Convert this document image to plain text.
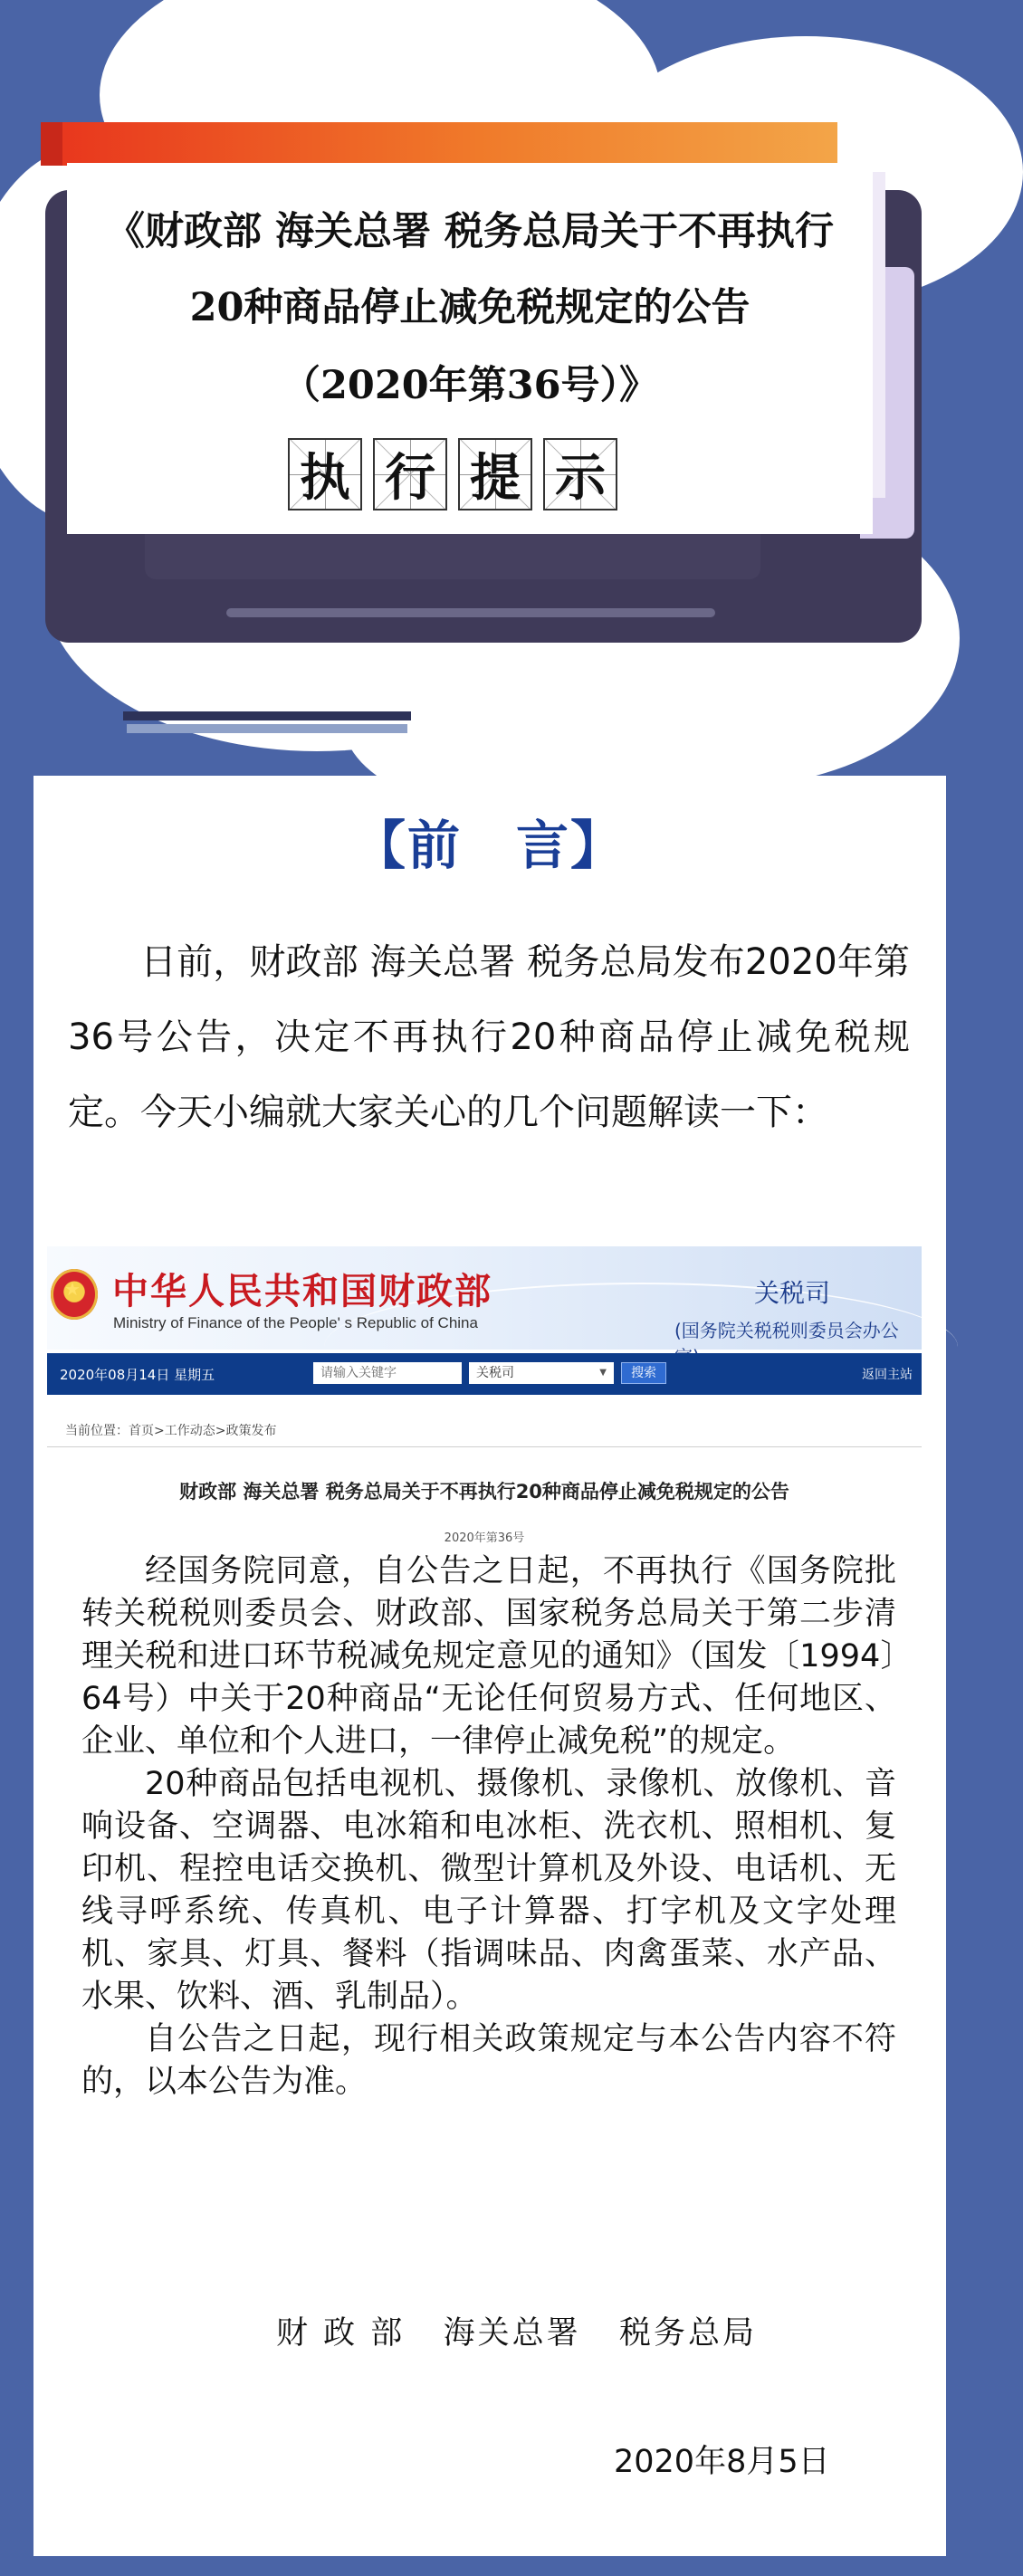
《财政部 海关总署 税务总局关于不再执行
20种商品停止减免税规定的公告
（2020年第36号）》
执 行 提 示
【前　言】
日前，财政部 海关总署 税务总局发布2020年第36号公告，决定不再执行20种商品停止减免税规定。今天小编就大家关心的几个问题解读一下：
★
中华人民共和国财政部
Ministry of Finance of the People' s Republic of China
关税司
(国务院关税税则委员会办公
2020年08月14日 星期五	请输入关键字	关税司	▼	搜索	返回主站
当前位置：首页>工作动态>政策发布
财政部 海关总署 税务总局关于不再执行20种商品停止减免税规定的公告
2020年第36号

经国务院同意，自公告之日起，不再执行《国务院批转关税税则委员会、财政部、国家税务总局关于第二步清理关税和进口环节税减免规定意见的通知》（国发〔1994〕64号）中关于20种商品“无论任何贸易方式、任何地区、企业、单位和个人进口，一律停止减免税”的规定。

20种商品包括电视机、摄像机、录像机、放像机、音响设备、空调器、电冰箱和电冰柜、洗衣机、照相机、复印机、程控电话交换机、微型计算机及外设、电话机、无线寻呼系统、传真机、电子计算器、打字机及文字处理机、家具、灯具、餐料（指调味品、肉禽蛋菜、水产品、水果、饮料、酒、乳制品）。

自公告之日起，现行相关政策规定与本公告内容不符的，以本公告为准。

财 政 部   海关总署   税务总局
2020年8月5日
